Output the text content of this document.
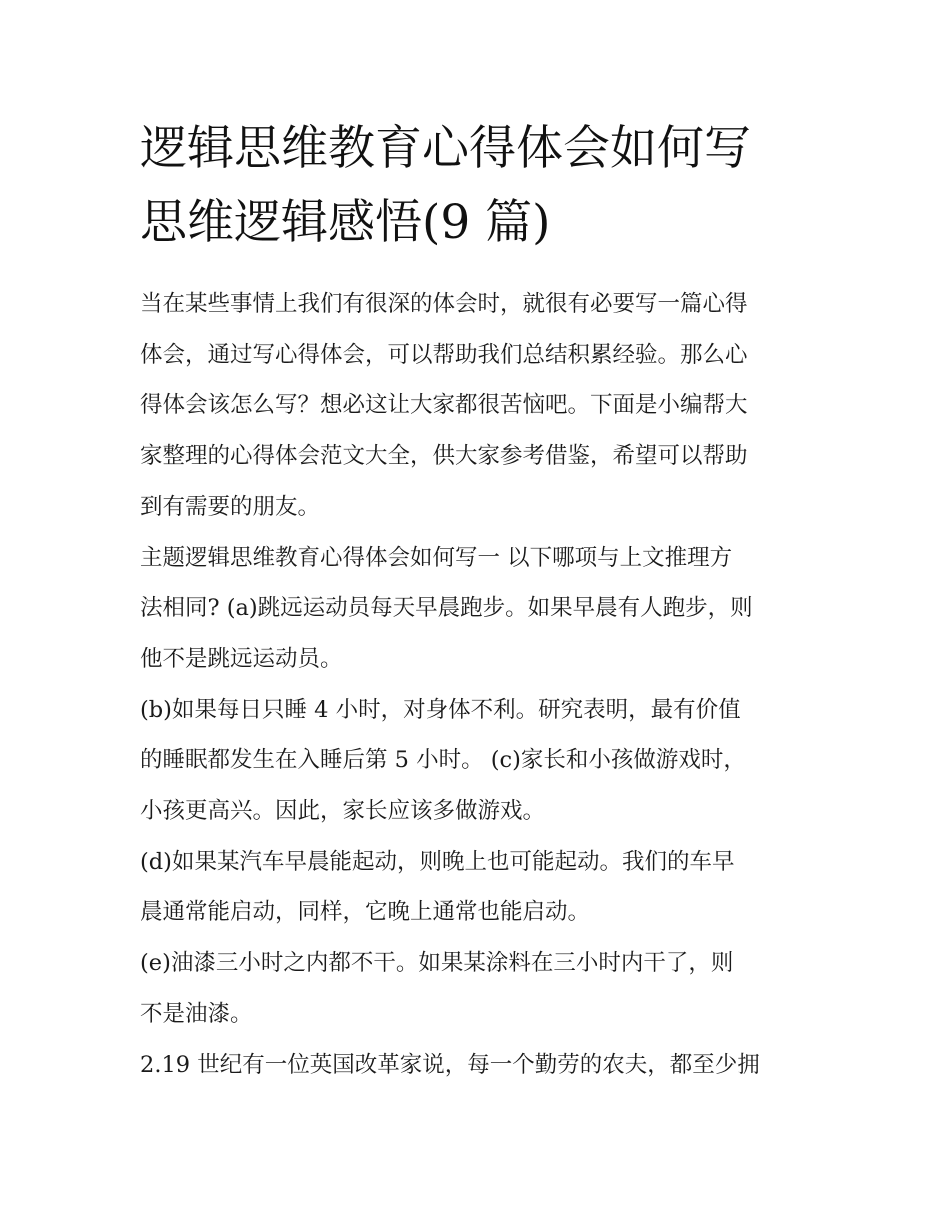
逻辑思维教育心得体会如何写
思维逻辑感悟(9 篇)

当在某些事情上我们有很深的体会时，就很有必要写一篇心得
体会，通过写心得体会，可以帮助我们总结积累经验。那么心
得体会该怎么写？想必这让大家都很苦恼吧。下面是小编帮大
家整理的心得体会范文大全，供大家参考借鉴，希望可以帮助
到有需要的朋友。

主题逻辑思维教育心得体会如何写一 以下哪项与上文推理方
法相同? (a)跳远运动员每天早晨跑步。如果早晨有人跑步，则
他不是跳远运动员。

(b)如果每日只睡 4 小时，对身体不利。研究表明，最有价值
的睡眠都发生在入睡后第 5 小时。 (c)家长和小孩做游戏时，
小孩更高兴。因此，家长应该多做游戏。

(d)如果某汽车早晨能起动，则晚上也可能起动。我们的车早
晨通常能启动，同样，它晚上通常也能启动。

(e)油漆三小时之内都不干。如果某涂料在三小时内干了，则
不是油漆。

2.19 世纪有一位英国改革家说，每一个勤劳的农夫，都至少拥
